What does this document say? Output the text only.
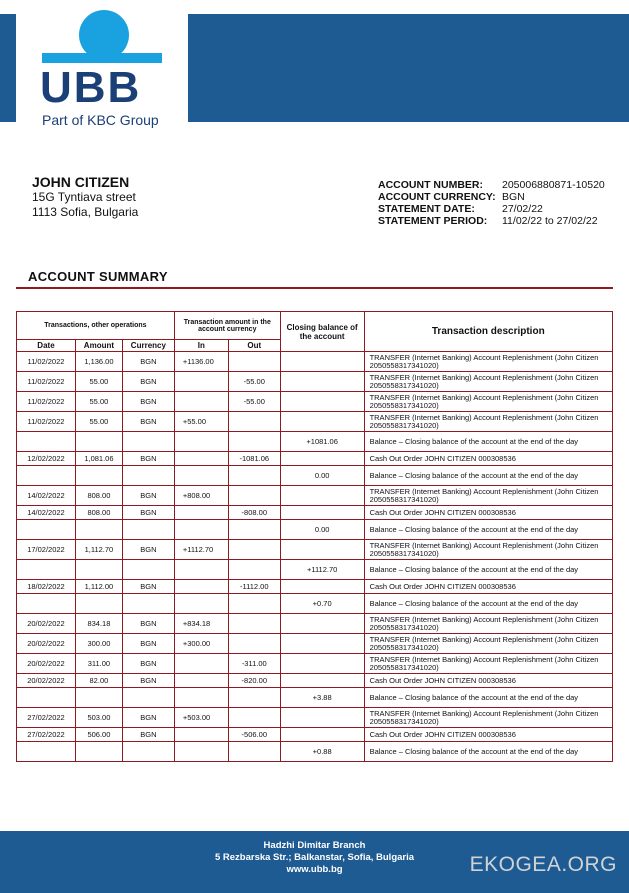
UBB
Part of KBC Group
JOHN CITIZEN
15G Tyntiava street
1113 Sofia, Bulgaria
ACCOUNT NUMBER:	205006880871-10520
ACCOUNT CURRENCY: BGN
STATEMENT DATE:	27/02/22
STATEMENT PERIOD:	11/02/22 to 27/02/22
ACCOUNT SUMMARY
Transactions, other operations			Transaction amount in the account currency		Closing balance of the account	Transaction description
Date	Amount	Currency	In	Out		
11/02/2022	1,136.00	BGN	+1136.00			TRANSFER (Internet Banking) Account Replenishment (John Citizen 2050558317341020)
11/02/2022	55.00	BGN		-55.00		TRANSFER (Internet Banking) Account Replenishment (John Citizen 2050558317341020)
11/02/2022	55.00	BGN		-55.00		TRANSFER (Internet Banking) Account Replenishment (John Citizen 2050558317341020)
11/02/2022	55.00	BGN	+55.00			TRANSFER (Internet Banking) Account Replenishment (John Citizen 2050558317341020)
					+1081.06	Balance – Closing balance of the account at the end of the day
12/02/2022	1,081.06	BGN		-1081.06		Cash Out Order JOHN CITIZEN 000308536
					0.00	Balance – Closing balance of the account at the end of the day
14/02/2022	808.00	BGN	+808.00			TRANSFER (Internet Banking) Account Replenishment (John Citizen 2050558317341020)
14/02/2022	808.00	BGN		-808.00		Cash Out Order JOHN CITIZEN 000308536
					0.00	Balance – Closing balance of the account at the end of the day
17/02/2022	1,112.70	BGN	+1112.70			TRANSFER (Internet Banking) Account Replenishment (John Citizen 2050558317341020)
					+1112.70	Balance – Closing balance of the account at the end of the day
18/02/2022	1,112.00	BGN		-1112.00		Cash Out Order JOHN CITIZEN 000308536
					+0.70	Balance – Closing balance of the account at the end of the day
20/02/2022	834.18	BGN	+834.18			TRANSFER (Internet Banking) Account Replenishment (John Citizen 2050558317341020)
20/02/2022	300.00	BGN	+300.00			TRANSFER (Internet Banking) Account Replenishment (John Citizen 2050558317341020)
20/02/2022	311.00	BGN		-311.00		TRANSFER (Internet Banking) Account Replenishment (John Citizen 2050558317341020)
20/02/2022	82.00	BGN		-820.00		Cash Out Order JOHN CITIZEN 000308536
					+3.88	Balance – Closing balance of the account at the end of the day
27/02/2022	503.00	BGN	+503.00			TRANSFER (Internet Banking) Account Replenishment (John Citizen 2050558317341020)
27/02/2022	506.00	BGN		-506.00		Cash Out Order JOHN CITIZEN 000308536
					+0.88	Balance – Closing balance of the account at the end of the day
Hadzhi Dimitar Branch
5 Rezbarska Str.; Balkanstar, Sofia, Bulgaria
www.ubb.bg	EKOGEA.ORG
